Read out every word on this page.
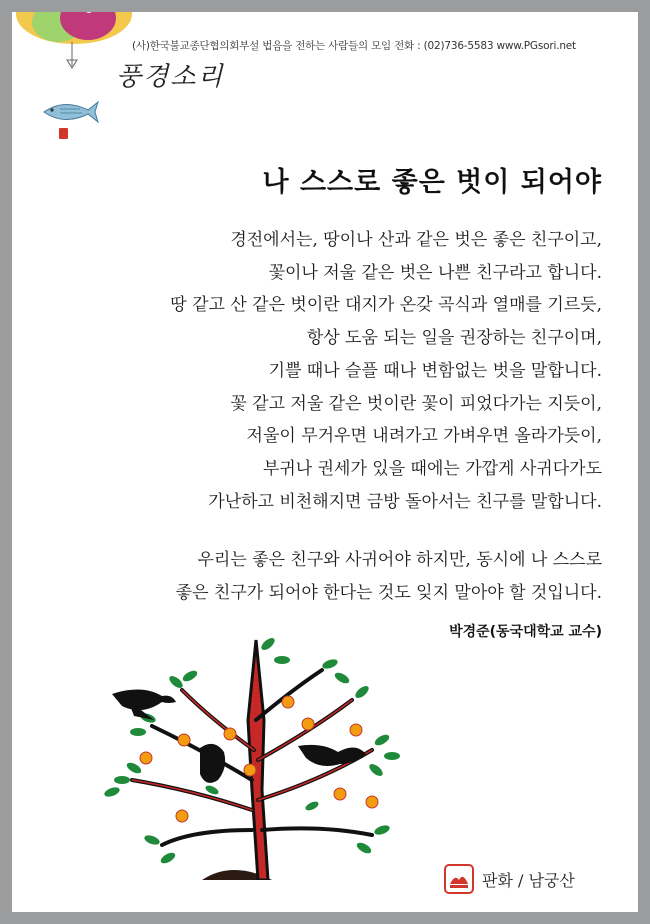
(사)한국불교종단협의회부설 법음을 전하는 사람들의 모임 전화 : (02)736-5583 www.PGsori.net
풍경소리
나 스스로 좋은 벗이 되어야
경전에서는, 땅이나 산과 같은 벗은 좋은 친구이고,
꽃이나 저울 같은 벗은 나쁜 친구라고 합니다.
땅 같고 산 같은 벗이란 대지가 온갖 곡식과 열매를 기르듯,
항상 도움 되는 일을 권장하는 친구이며,
기쁠 때나 슬플 때나 변함없는 벗을 말합니다.
꽃 같고 저울 같은 벗이란 꽃이 피었다가는 지듯이,
저울이 무거우면 내려가고 가벼우면 올라가듯이,
부귀나 권세가 있을 때에는 가깝게 사귀다가도
가난하고 비천해지면 금방 돌아서는 친구를 말합니다.
우리는 좋은 친구와 사귀어야 하지만, 동시에 나 스스로
좋은 친구가 되어야 한다는 것도 잊지 말아야 할 것입니다.
박경준(동국대학교 교수)
판화 / 남궁산
